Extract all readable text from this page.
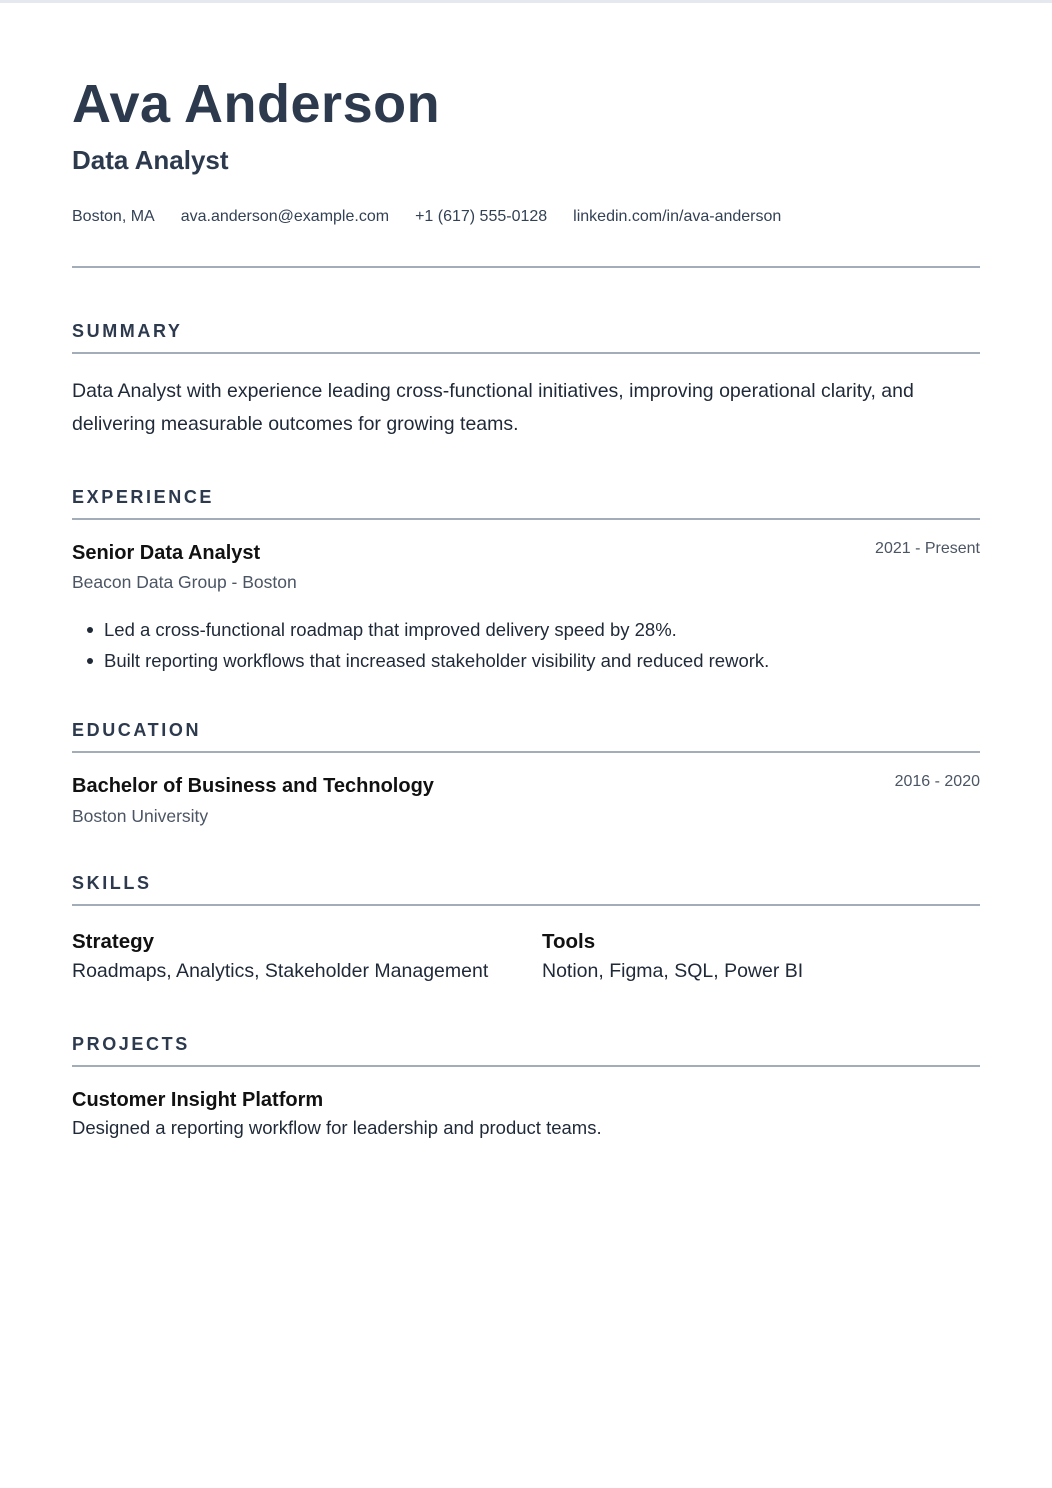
Ava Anderson
Data Analyst
Boston, MA ava.anderson@example.com +1 (617) 555-0128 linkedin.com/in/ava-anderson
SUMMARY
Data Analyst with experience leading cross-functional initiatives, improving operational clarity, and delivering measurable outcomes for growing teams.
EXPERIENCE
Senior Data Analyst	2021 - Present
Beacon Data Group - Boston
Led a cross-functional roadmap that improved delivery speed by 28%.
Built reporting workflows that increased stakeholder visibility and reduced rework.
EDUCATION
Bachelor of Business and Technology	2016 - 2020
Boston University
SKILLS
Strategy
Roadmaps, Analytics, Stakeholder Management
Tools
Notion, Figma, SQL, Power BI
PROJECTS
Customer Insight Platform
Designed a reporting workflow for leadership and product teams.
